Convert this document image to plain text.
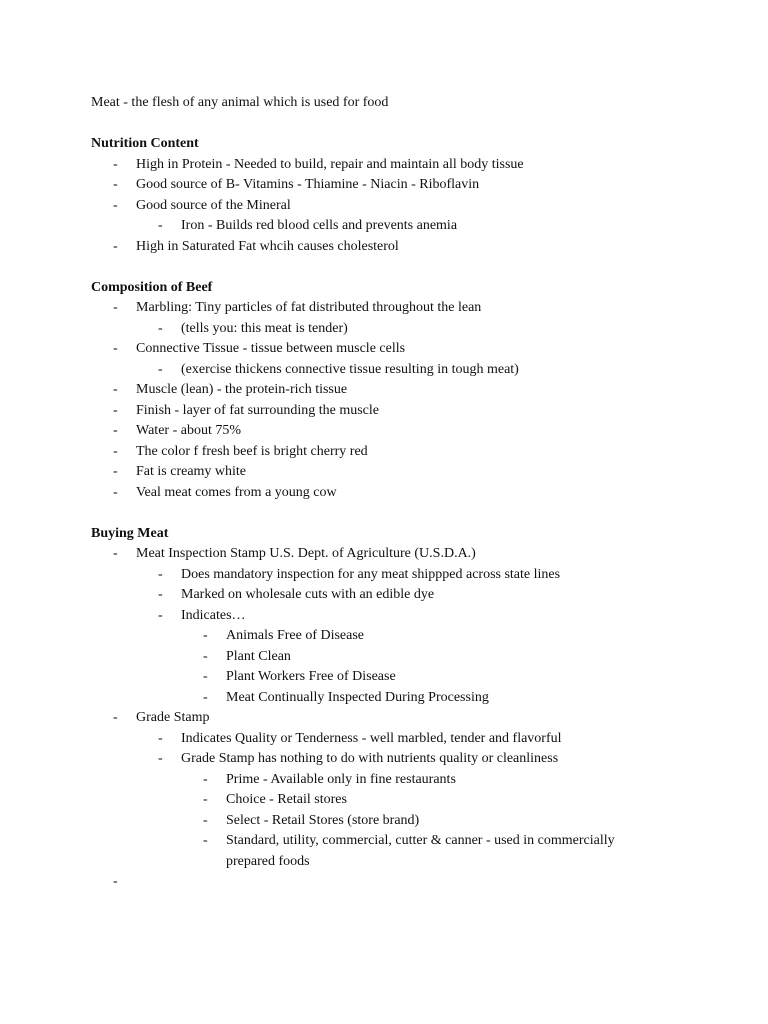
Meat - the flesh of any animal which is used for food
Nutrition Content
- High in Protein - Needed to build, repair and maintain all body tissue
- Good source of B- Vitamins - Thiamine - Niacin - Riboflavin
- Good source of the Mineral
- Iron - Builds red blood cells and prevents anemia
- High in Saturated Fat whcih causes cholesterol
Composition of Beef
- Marbling: Tiny particles of fat distributed throughout the lean
- (tells you: this meat is tender)
- Connective Tissue - tissue between muscle cells
- (exercise thickens connective tissue resulting in tough meat)
- Muscle (lean) - the protein-rich tissue
- Finish - layer of fat surrounding the muscle
- Water - about 75%
- The color f fresh beef is bright cherry red
- Fat is creamy white
- Veal meat comes from a young cow
Buying Meat
- Meat Inspection Stamp U.S. Dept. of Agriculture (U.S.D.A.)
- Does mandatory inspection for any meat shippped across state lines
- Marked on wholesale cuts with an edible dye
- Indicates…
- Animals Free of Disease
- Plant Clean
- Plant Workers Free of Disease
- Meat Continually Inspected During Processing
- Grade Stamp
- Indicates Quality or Tenderness - well marbled, tender and flavorful
- Grade Stamp has nothing to do with nutrients quality or cleanliness
- Prime - Available only in fine restaurants
- Choice - Retail stores
- Select - Retail Stores (store brand)
- Standard, utility, commercial, cutter & canner - used in commercially
prepared foods
-
